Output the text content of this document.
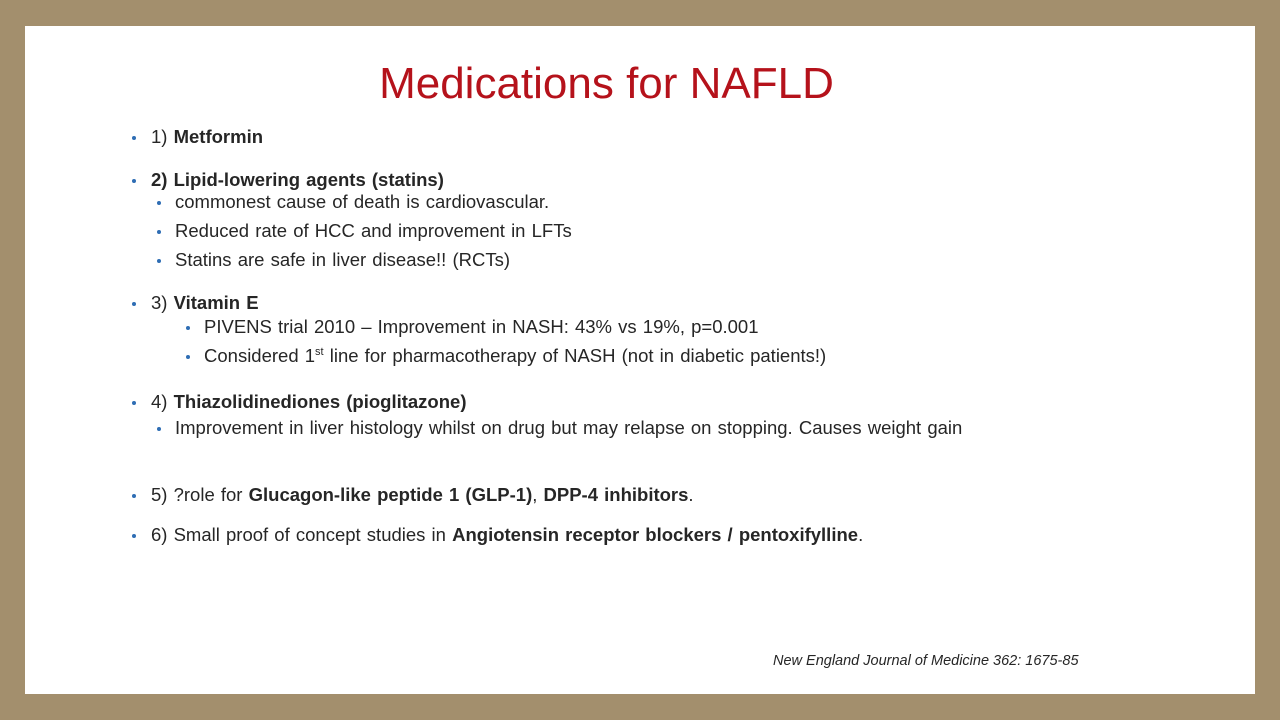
Medications for NAFLD
1) Metformin
2) Lipid-lowering agents (statins)
commonest cause of death is cardiovascular.
Reduced rate of HCC and improvement in LFTs
Statins are safe in liver disease!! (RCTs)
3) Vitamin E
PIVENS trial 2010 – Improvement in NASH: 43% vs 19%, p=0.001
Considered 1st line for pharmacotherapy of NASH (not in diabetic patients!)
4) Thiazolidinediones (pioglitazone)
Improvement in liver histology whilst on drug but may relapse on stopping. Causes weight gain
5) ?role for Glucagon-like peptide 1 (GLP-1), DPP-4 inhibitors.
6) Small proof of concept studies in Angiotensin receptor blockers / pentoxifylline.
New England Journal of Medicine 362: 1675-85
